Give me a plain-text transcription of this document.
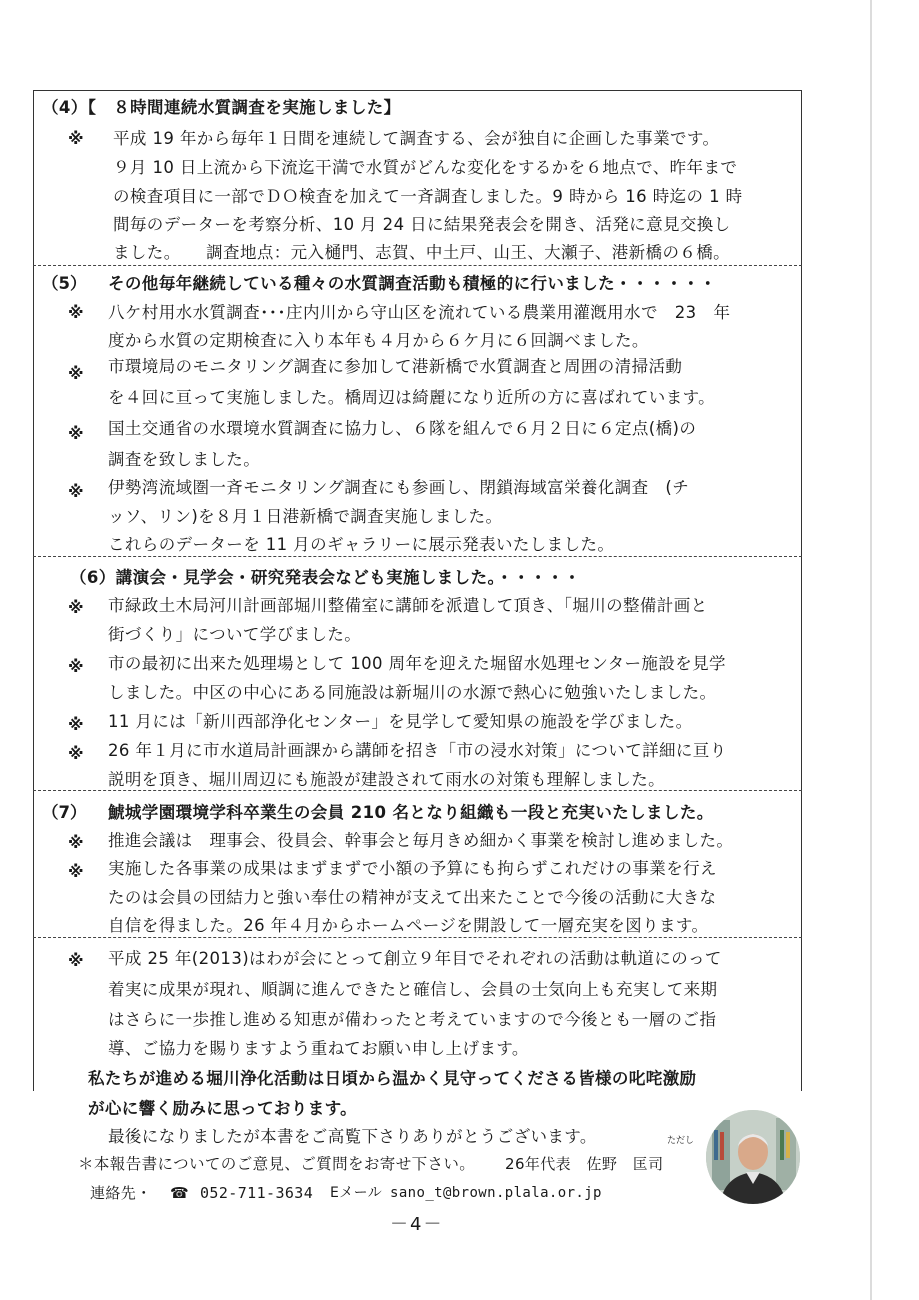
（4）【　８時間連続水質調査を実施しました】
※ 平成 19 年から毎年１日間を連続して調査する、会が独自に企画した事業です。
９月 10 日上流から下流迄干満で水質がどんな変化をするかを６地点で、昨年まで
の検査項目に一部でＤＯ検査を加えて一斉調査しました。9 時から 16 時迄の 1 時
間毎のデーターを考察分析、10 月 24 日に結果発表会を開き、活発に意見交換し
ました。　　調査地点：元入樋門、志賀、中土戸、山王、大瀬子、港新橋の６橋。
（5） その他毎年継続している種々の水質調査活動も積極的に行いました・・・・・・
※ 八ケ村用水水質調査･･･庄内川から守山区を流れている農業用灌漑用水で　23　年
度から水質の定期検査に入り本年も４月から６ケ月に６回調べました。
※ 市環境局のモニタリング調査に参加して港新橋で水質調査と周囲の清掃活動
を４回に亘って実施しました。橋周辺は綺麗になり近所の方に喜ばれています。
※ 国土交通省の水環境水質調査に協力し、６隊を組んで６月２日に６定点(橋)の
調査を致しました。
※ 伊勢湾流域圏一斉モニタリング調査にも参画し、閉鎖海域富栄養化調査　(チ
ッソ、リン)を８月１日港新橋で調査実施しました。
これらのデーターを 11 月のギャラリーに展示発表いたしました。
（6）講演会・見学会・研究発表会なども実施しました。・・・・・
※ 市緑政土木局河川計画部堀川整備室に講師を派遣して頂き、「堀川の整備計画と
街づくり」について学びました。
※ 市の最初に出来た処理場として 100 周年を迎えた堀留水処理センター施設を見学
しました。中区の中心にある同施設は新堀川の水源で熱心に勉強いたしました。
※ 11 月には「新川西部浄化センター」を見学して愛知県の施設を学びました。
※ 26 年１月に市水道局計画課から講師を招き「市の浸水対策」について詳細に亘り
説明を頂き、堀川周辺にも施設が建設されて雨水の対策も理解しました。
（7） 鯱城学園環境学科卒業生の会員 210 名となり組織も一段と充実いたしました。
※ 推進会議は　理事会、役員会、幹事会と毎月きめ細かく事業を検討し進めました。
※ 実施した各事業の成果はまずまずで小額の予算にも拘らずこれだけの事業を行え
たのは会員の団結力と強い奉仕の精神が支えて出来たことで今後の活動に大きな
自信を得ました。26 年４月からホームページを開設して一層充実を図ります。
※ 平成 25 年(2013)はわが会にとって創立９年目でそれぞれの活動は軌道にのって
着実に成果が現れ、順調に進んできたと確信し、会員の士気向上も充実して来期
はさらに一歩推し進める知恵が備わったと考えていますので今後とも一層のご指
導、ご協力を賜りますよう重ねてお願い申し上げます。
私たちが進める堀川浄化活動は日頃から温かく見守ってくださる皆様の叱咤激励
が心に響く励みに思っております。
最後になりましたが本書をご高覧下さりありがとうございます。
＊本報告書についてのご意見、ご質問をお寄せ下さい。 26年代表　佐野　匡司
ただし
連絡先・ ☎ 052-711-3634 Eメール sano_t@brown.plala.or.jp
－4－
